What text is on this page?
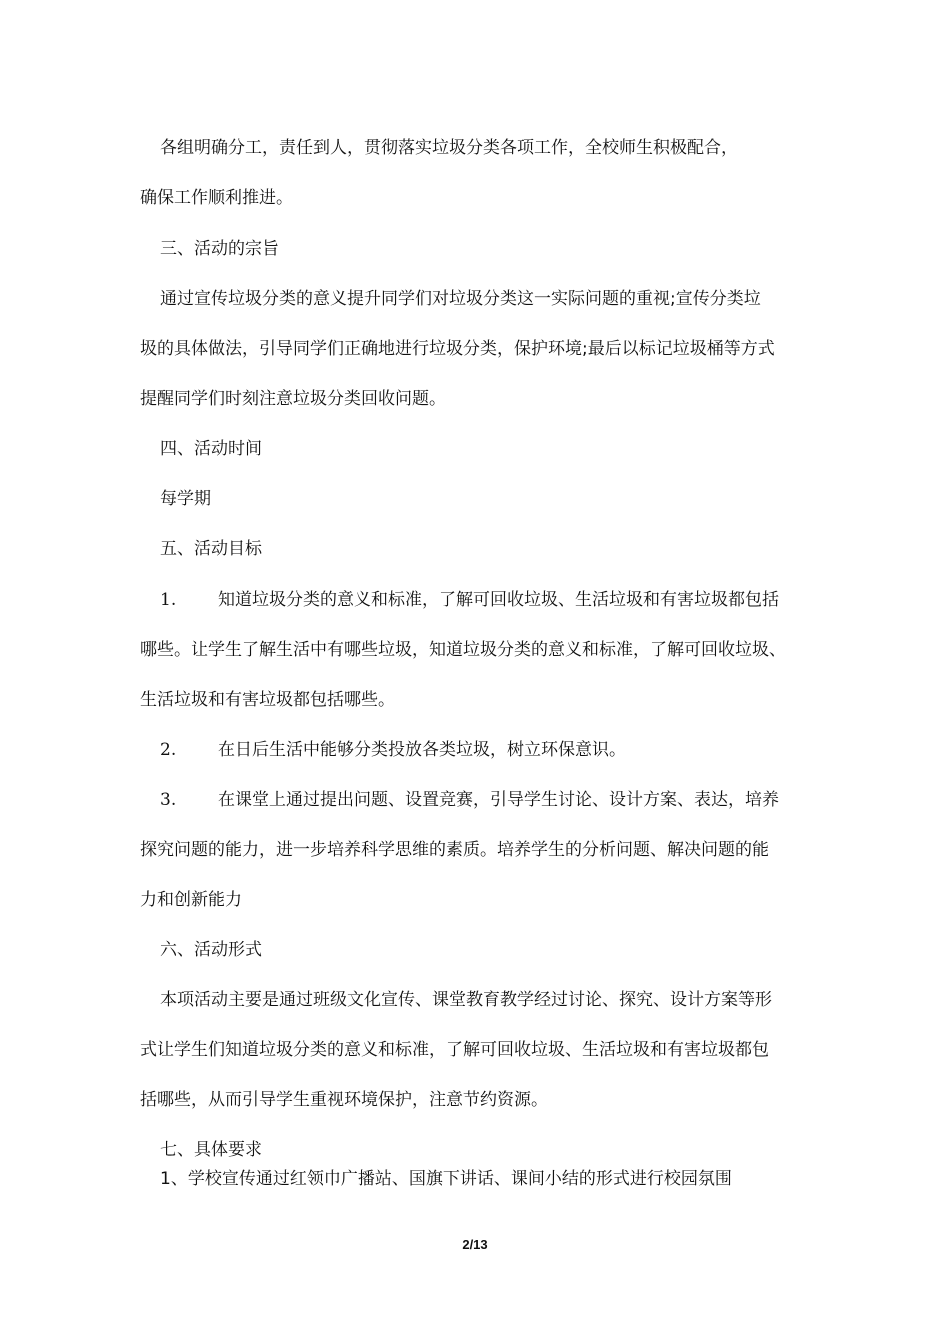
各组明确分工，责任到人，贯彻落实垃圾分类各项工作，全校师生积极配合，
确保工作顺利推进。
三、活动的宗旨
通过宣传垃圾分类的意义提升同学们对垃圾分类这一实际问题的重视;宣传分类垃
圾的具体做法，引导同学们正确地进行垃圾分类，保护环境;最后以标记垃圾桶等方式
提醒同学们时刻注意垃圾分类回收问题。
四、活动时间
每学期
五、活动目标
1. 知道垃圾分类的意义和标准，了解可回收垃圾、生活垃圾和有害垃圾都包括
哪些。让学生了解生活中有哪些垃圾，知道垃圾分类的意义和标准，了解可回收垃圾、
生活垃圾和有害垃圾都包括哪些。
2. 在日后生活中能够分类投放各类垃圾，树立环保意识。
3. 在课堂上通过提出问题、设置竞赛，引导学生讨论、设计方案、表达，培养
探究问题的能力，进一步培养科学思维的素质。培养学生的分析问题、解决问题的能
力和创新能力
六、活动形式
本项活动主要是通过班级文化宣传、课堂教育教学经过讨论、探究、设计方案等形
式让学生们知道垃圾分类的意义和标准，了解可回收垃圾、生活垃圾和有害垃圾都包
括哪些，从而引导学生重视环境保护，注意节约资源。
七、具体要求
1、学校宣传通过红领巾广播站、国旗下讲话、课间小结的形式进行校园氛围
2/13
